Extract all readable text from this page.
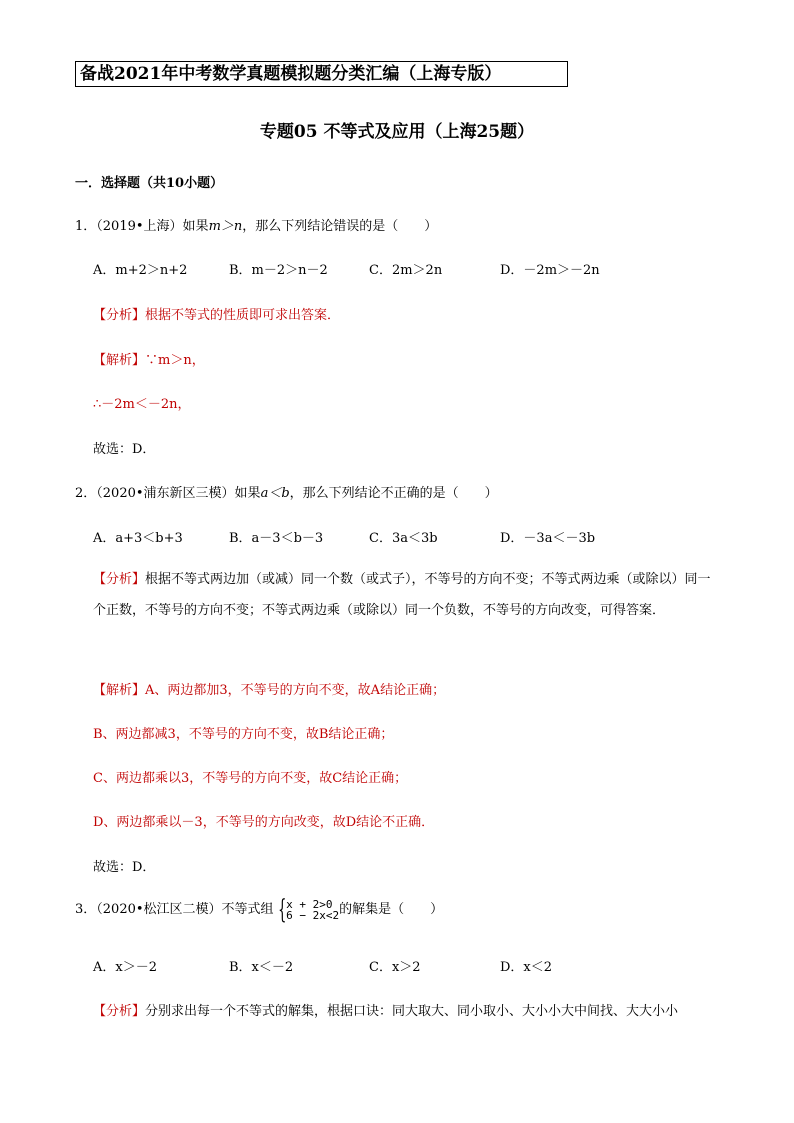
备战2021年中考数学真题模拟题分类汇编（上海专版）
专题05 不等式及应用（上海25题）
一．选择题（共10小题）
1．（2019•上海）如果m＞n，那么下列结论错误的是（　　）
A．m+2＞n+2	B．m－2＞n－2	C．2m＞2n	D．－2m＞－2n
【分析】根据不等式的性质即可求出答案．
【解析】∵m＞n，
∴－2m＜－2n，
故选：D．
2．（2020•浦东新区三模）如果a＜b，那么下列结论不正确的是（　　）
A．a+3＜b+3	B．a－3＜b－3	C．3a＜3b	D．－3a＜－3b
【分析】根据不等式两边加（或减）同一个数（或式子），不等号的方向不变；不等式两边乘（或除以）同一个正数，不等号的方向不变；不等式两边乘（或除以）同一个负数，不等号的方向改变，可得答案．
【解析】A、两边都加3，不等号的方向不变，故A结论正确；
B、两边都减3，不等号的方向不变，故B结论正确；
C、两边都乘以3，不等号的方向不变，故C结论正确；
D、两边都乘以－3，不等号的方向改变，故D结论不正确．
故选：D．
3．（2020•松江区二模）不等式组 { x + 2>0
6 − 2x<2 的解集是（　　）
A．x＞－2	B．x＜－2	C．x＞2	D．x＜2
【分析】分别求出每一个不等式的解集，根据口诀：同大取大、同小取小、大小小大中间找、大大小小
